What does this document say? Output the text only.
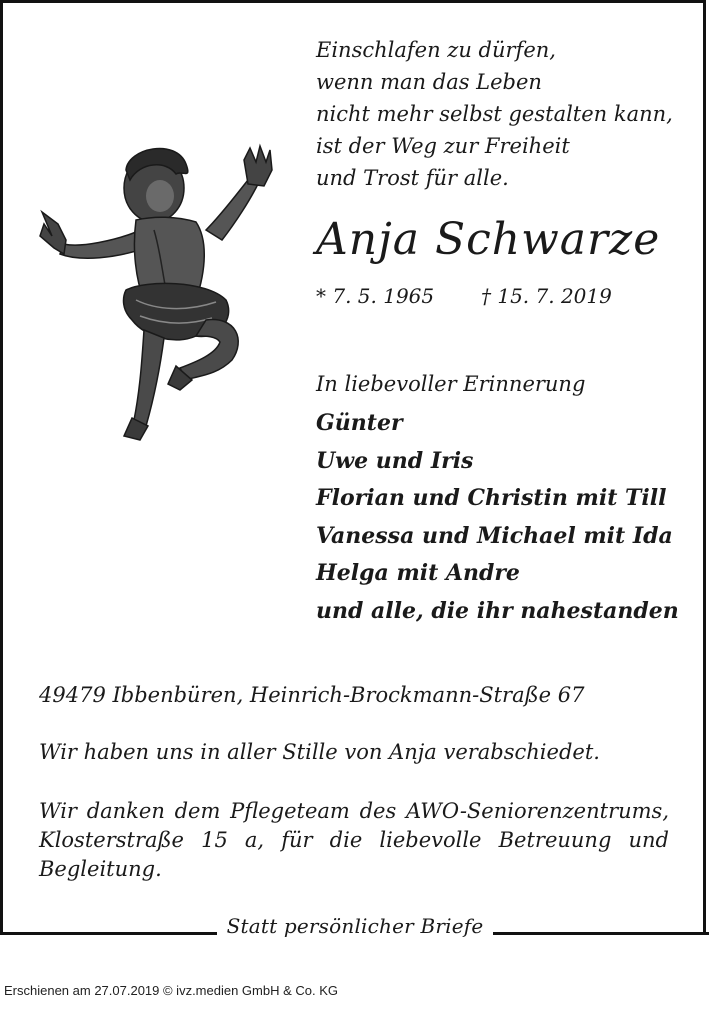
Einschlafen zu dürfen,
wenn man das Leben
nicht mehr selbst gestalten kann,
ist der Weg zur Freiheit
und Trost für alle.
Anja Schwarze
* 7. 5. 1965 † 15. 7. 2019
In liebevoller Erinnerung
Günter
Uwe und Iris
Florian und Christin mit Till
Vanessa und Michael mit Ida
Helga mit Andre
und alle, die ihr nahestanden
49479 Ibbenbüren, Heinrich-Brockmann-Straße 67
Wir haben uns in aller Stille von Anja verabschiedet.
Wir danken dem Pflegeteam des AWO-Seniorenzentrums, Klosterstraße 15 a, für die liebevolle Betreuung und Begleitung.
Statt persönlicher Briefe
Erschienen am 27.07.2019 © ivz.medien GmbH & Co. KG
